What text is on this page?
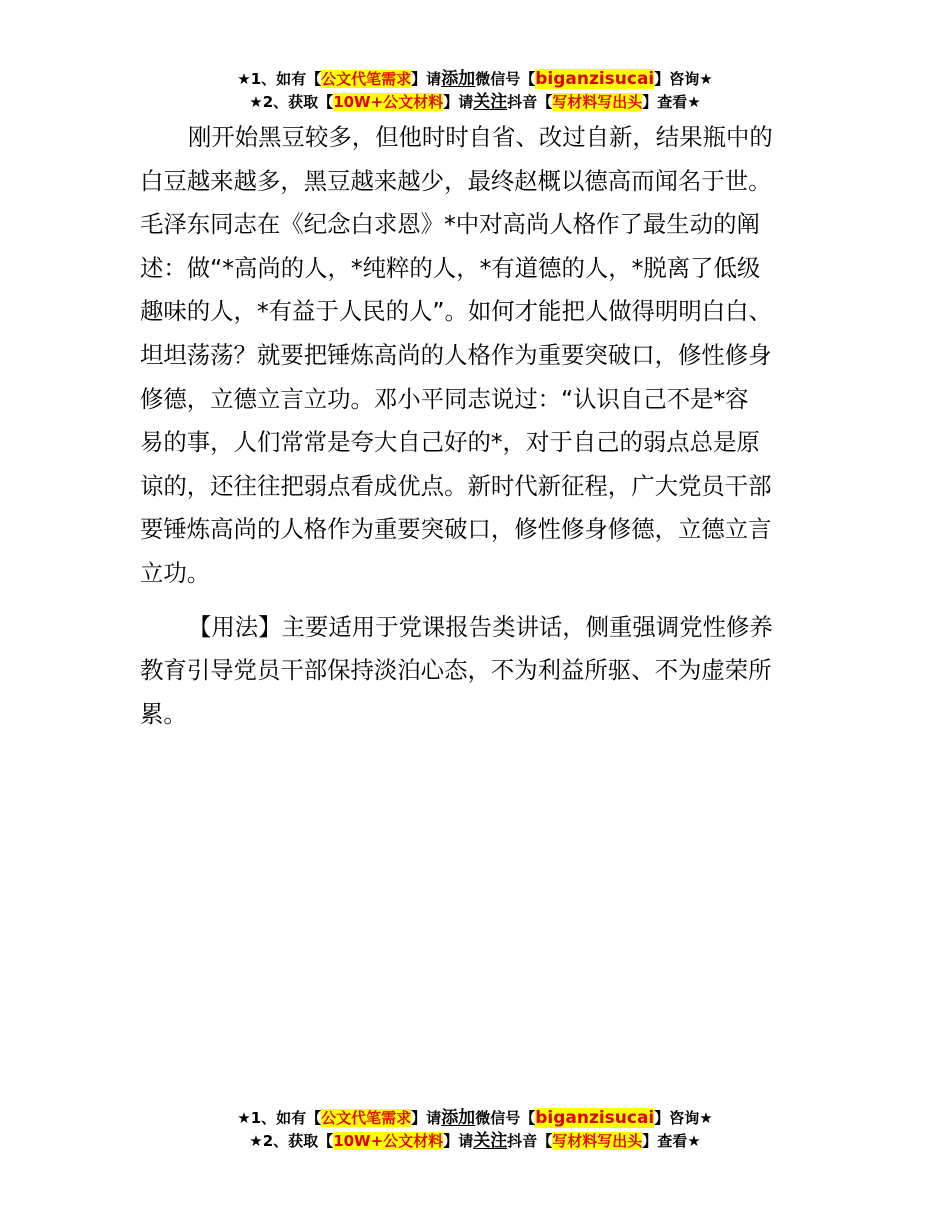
★1、如有【公文代笔需求】请添加微信号【biganzisucai】咨询★
★2、获取【10W+公文材料】请关注抖音【写材料写出头】查看★

刚开始黑豆较多，但他时时自省、改过自新，结果瓶中的

白豆越来越多，黑豆越来越少，最终赵概以德高而闻名于世。

毛泽东同志在《纪念白求恩》*中对高尚人格作了最生动的阐

述：做“*高尚的人，*纯粹的人，*有道德的人，*脱离了低级

趣味的人，*有益于人民的人”。如何才能把人做得明明白白、

坦坦荡荡？就要把锤炼高尚的人格作为重要突破口，修性修身

修德，立德立言立功。邓小平同志说过：“认识自己不是*容

易的事，人们常常是夸大自己好的*，对于自己的弱点总是原

谅的，还往往把弱点看成优点。新时代新征程，广大党员干部

要锤炼高尚的人格作为重要突破口，修性修身修德，立德立言

立功。

【用法】主要适用于党课报告类讲话，侧重强调党性修养

教育引导党员干部保持淡泊心态，不为利益所驱、不为虚荣所

累。

★1、如有【公文代笔需求】请添加微信号【biganzisucai】咨询★
★2、获取【10W+公文材料】请关注抖音【写材料写出头】查看★
